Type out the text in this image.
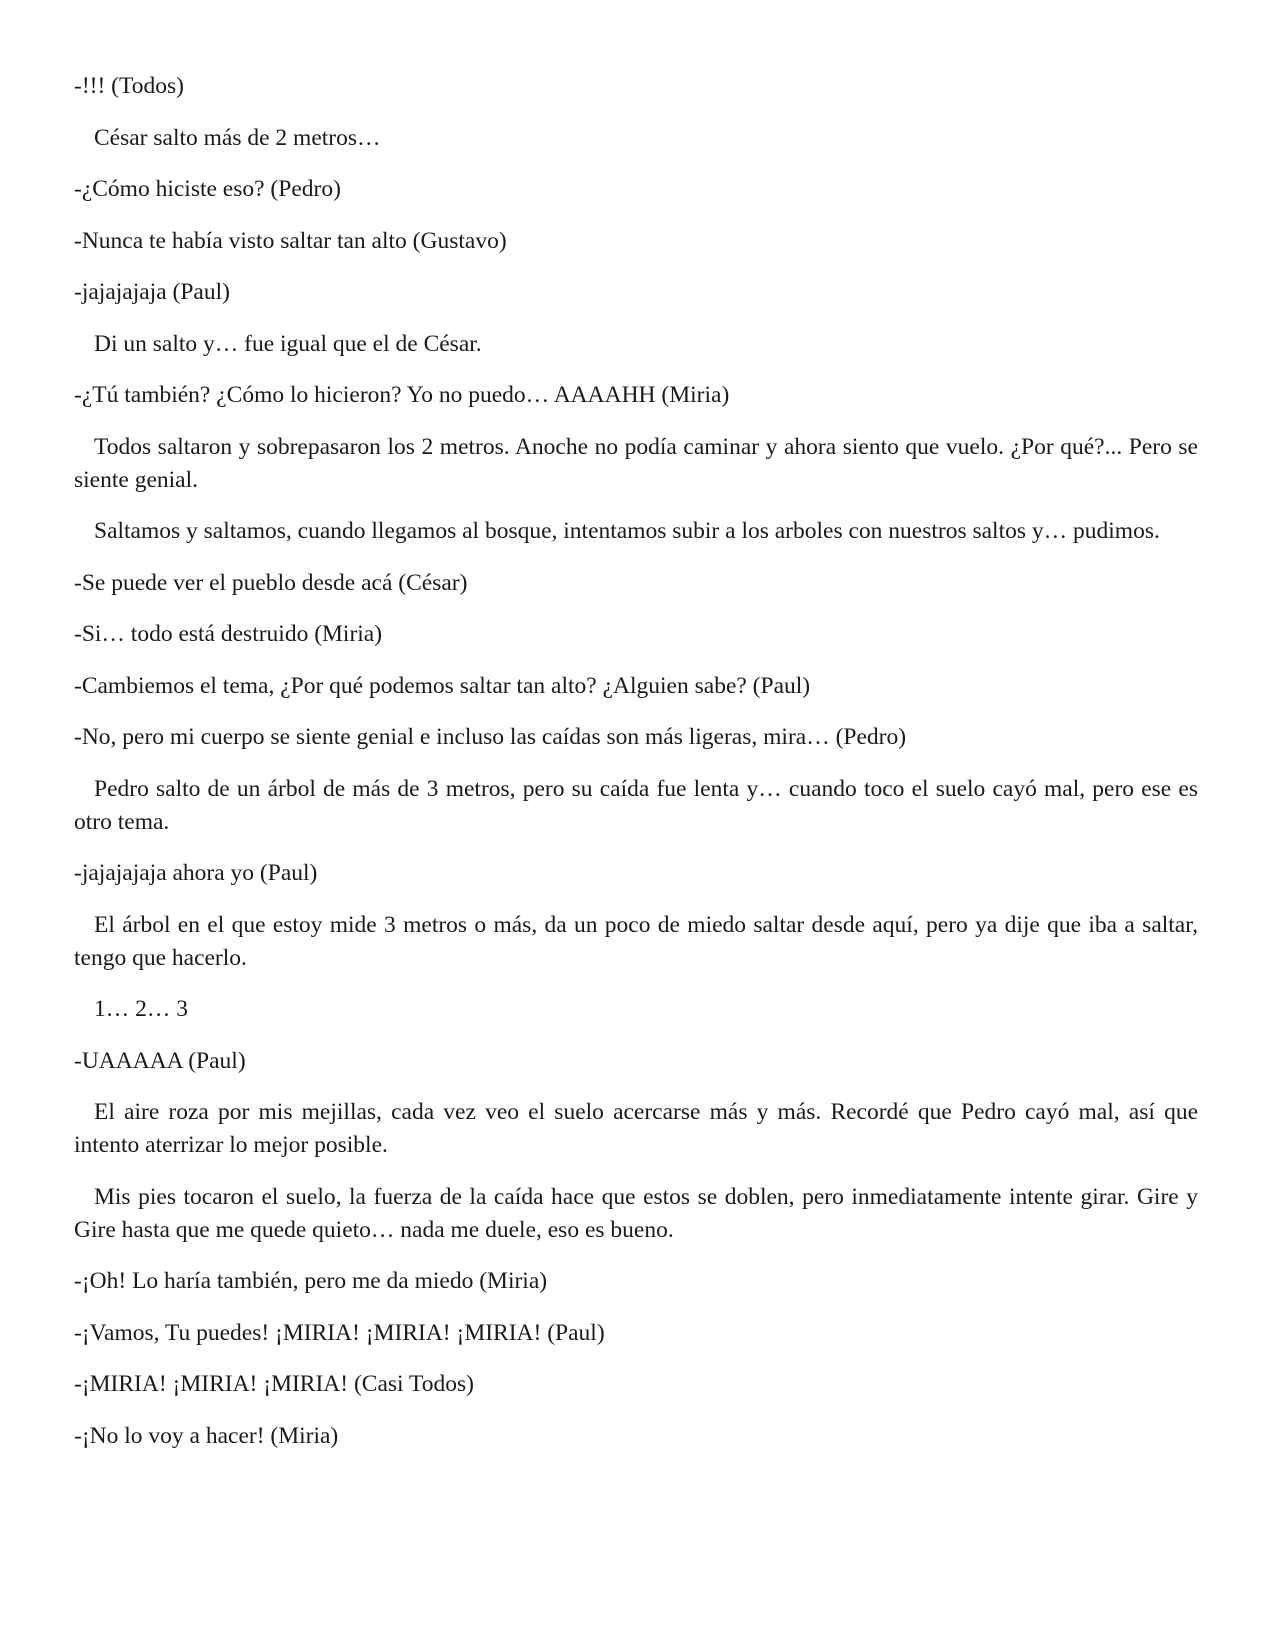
-!!! (Todos)

César salto más de 2 metros…

-¿Cómo hiciste eso? (Pedro)

-Nunca te había visto saltar tan alto (Gustavo)

-jajajajaja (Paul)

Di un salto y… fue igual que el de César.

-¿Tú también? ¿Cómo lo hicieron? Yo no puedo… AAAAHH (Miria)

Todos saltaron y sobrepasaron los 2 metros. Anoche no podía caminar y ahora siento que vuelo. ¿Por qué?... Pero se siente genial.

Saltamos y saltamos, cuando llegamos al bosque, intentamos subir a los arboles con nuestros saltos y… pudimos.

-Se puede ver el pueblo desde acá (César)

-Si… todo está destruido (Miria)

-Cambiemos el tema, ¿Por qué podemos saltar tan alto? ¿Alguien sabe? (Paul)

-No, pero mi cuerpo se siente genial e incluso las caídas son más ligeras, mira… (Pedro)

Pedro salto de un árbol de más de 3 metros, pero su caída fue lenta y… cuando toco el suelo cayó mal, pero ese es otro tema.

-jajajajaja ahora yo (Paul)

El árbol en el que estoy mide 3 metros o más, da un poco de miedo saltar desde aquí, pero ya dije que iba a saltar, tengo que hacerlo.

1… 2… 3

-UAAAAA (Paul)

El aire roza por mis mejillas, cada vez veo el suelo acercarse más y más. Recordé que Pedro cayó mal, así que intento aterrizar lo mejor posible.

Mis pies tocaron el suelo, la fuerza de la caída hace que estos se doblen, pero inmediatamente intente girar. Gire y Gire hasta que me quede quieto… nada me duele, eso es bueno.

-¡Oh! Lo haría también, pero me da miedo (Miria)

-¡Vamos, Tu puedes! ¡MIRIA! ¡MIRIA! ¡MIRIA! (Paul)

-¡MIRIA! ¡MIRIA! ¡MIRIA! (Casi Todos)

-¡No lo voy a hacer! (Miria)
